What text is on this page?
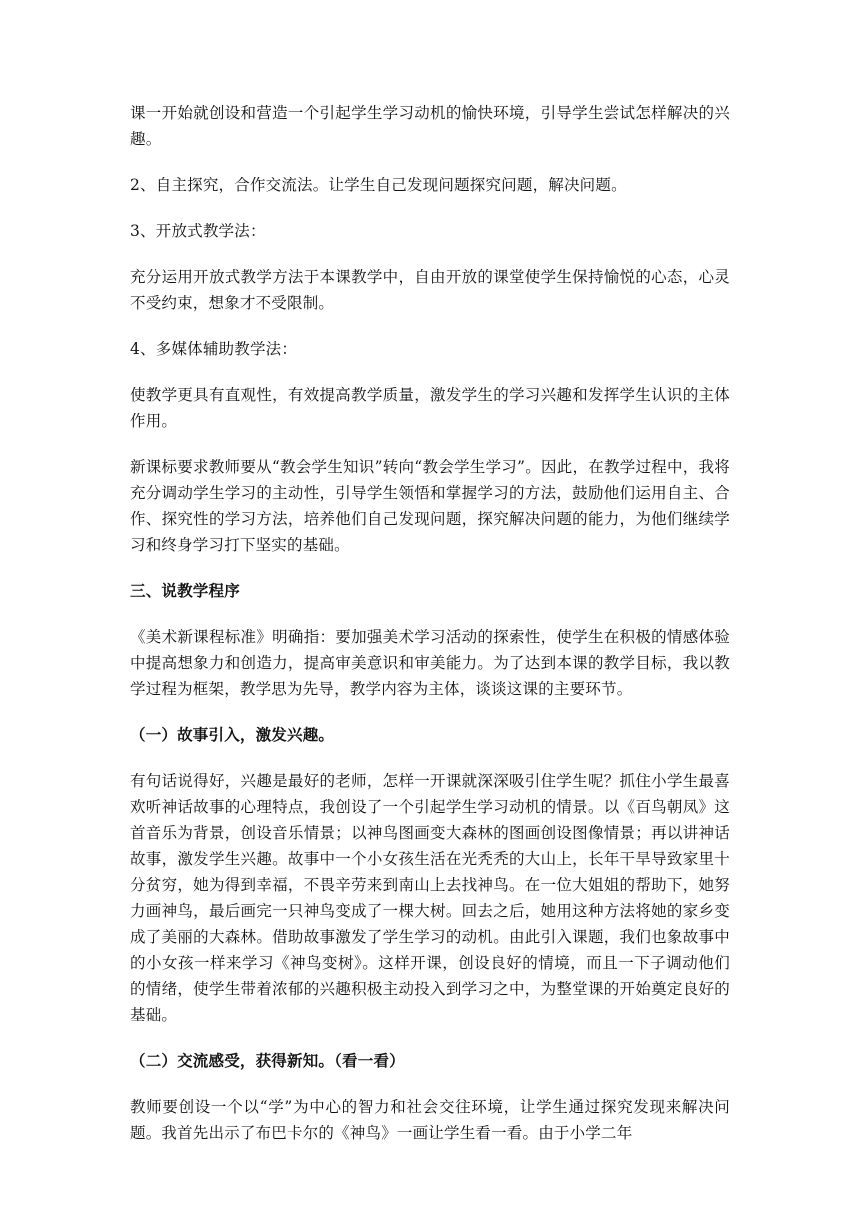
课一开始就创设和营造一个引起学生学习动机的愉快环境，引导学生尝试怎样解决的兴趣。

2、自主探究，合作交流法。让学生自己发现问题探究问题，解决问题。

3、开放式教学法：

充分运用开放式教学方法于本课教学中，自由开放的课堂使学生保持愉悦的心态，心灵不受约束，想象才不受限制。

4、多媒体辅助教学法：

使教学更具有直观性，有效提高教学质量，激发学生的学习兴趣和发挥学生认识的主体作用。

新课标要求教师要从“教会学生知识”转向“教会学生学习”。因此，在教学过程中，我将充分调动学生学习的主动性，引导学生领悟和掌握学习的方法，鼓励他们运用自主、合作、探究性的学习方法，培养他们自己发现问题，探究解决问题的能力，为他们继续学习和终身学习打下坚实的基础。

三、说教学程序

《美术新课程标准》明确指：要加强美术学习活动的探索性，使学生在积极的情感体验中提高想象力和创造力，提高审美意识和审美能力。为了达到本课的教学目标，我以教学过程为框架，教学思为先导，教学内容为主体，谈谈这课的主要环节。

（一）故事引入，激发兴趣。

有句话说得好，兴趣是最好的老师，怎样一开课就深深吸引住学生呢？抓住小学生最喜欢听神话故事的心理特点，我创设了一个引起学生学习动机的情景。以《百鸟朝凤》这首音乐为背景，创设音乐情景；以神鸟图画变大森林的图画创设图像情景；再以讲神话故事，激发学生兴趣。故事中一个小女孩生活在光秃秃的大山上，长年干旱导致家里十分贫穷，她为得到幸福，不畏辛劳来到南山上去找神鸟。在一位大姐姐的帮助下，她努力画神鸟，最后画完一只神鸟变成了一棵大树。回去之后，她用这种方法将她的家乡变成了美丽的大森林。借助故事激发了学生学习的动机。由此引入课题，我们也象故事中的小女孩一样来学习《神鸟变树》。这样开课，创设良好的情境，而且一下子调动他们的情绪，使学生带着浓郁的兴趣积极主动投入到学习之中，为整堂课的开始奠定良好的基础。

（二）交流感受，获得新知。（看一看）

教师要创设一个以“学”为中心的智力和社会交往环境，让学生通过探究发现来解决问题。我首先出示了布巴卡尔的《神鸟》一画让学生看一看。由于小学二年
